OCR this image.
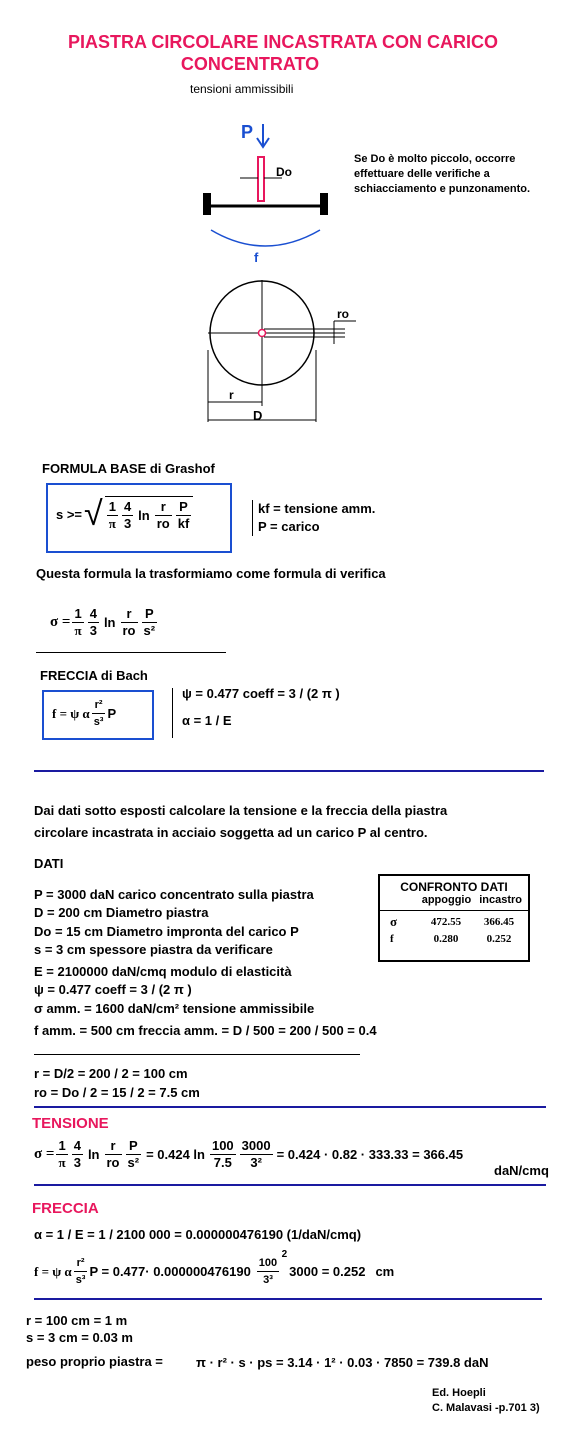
PIASTRA CIRCOLARE INCASTRATA CON CARICO
CONCENTRATO
tensioni ammissibili
P
Do
f
ro
r
D
Se Do è molto piccolo, occorre
effettuare delle verifiche a
schiacciamento e punzonamento.
FORMULA BASE di Grashof
s >= √ $\frac{1}{\pi} \frac{4}{3}$ $\ln \frac{r}{ro} \frac{P}{kf}$	kf = tensione amm.
P = carico
Questa formula la trasformiamo come formula di verifica
$\sigma = \frac{1}{\pi} \frac{4}{3}$ $\ln \frac{r}{ro} \frac{P}{\text{s²}}$
FRECCIA di Bach
f = ψ α $\frac{\text{r²}}{\text{s³}}$ P
ψ = 0.477 coeff = 3 / (2 π )
α = 1 / E
Dai dati sotto esposti calcolare la tensione e la freccia della piastra
circolare incastrata in acciaio soggetta ad un carico P al centro.
DATI
P = 3000 daN carico concentrato sulla piastra
D = 200 cm Diametro piastra
Do = 15 cm Diametro impronta del carico P
s = 3 cm spessore piastra da verificare
E = 2100000 daN/cmq modulo di elasticità
ψ = 0.477 coeff = 3 / (2 π )
σ amm. = 1600 daN/cm² tensione ammissibile
f amm. = 500 cm freccia amm. = D / 500 = 200 / 500 = 0.4
r = D/2 = 200 / 2 = 100 cm
ro = Do / 2 = 15 / 2 = 7.5 cm
CONFRONTO DATI
appoggio incastro
σ	472.55	366.45
f	0.280	0.252
TENSIONE
$\sigma = \frac{1}{\pi} \frac{4}{3}$ $\ln \frac{r}{ro} \frac{P}{\text{s²}} = 0.424$ $\ln \frac{100}{7.5} \frac{3000}{\text{3²}} = 0.424 \cdot 0.82 \cdot 333.33 = 366.45$
daN/cmq
FRECCIA
α = 1 / E = 1 / 2100 000 = 0.000000476190 (1/daN/cmq)
f = ψ α $\frac{\text{r²}}{\text{s³}}$ P = 0.477· 0.000000476190
100
3³
2
3000 = 0.252 cm
r = 100 cm = 1 m
s = 3 cm = 0.03 m
peso proprio piastra =	π · r² · s · ps = 3.14 · 1² · 0.03 · 7850 = 739.8 daN
Ed. Hoepli
C. Malavasi -p.701 3)
